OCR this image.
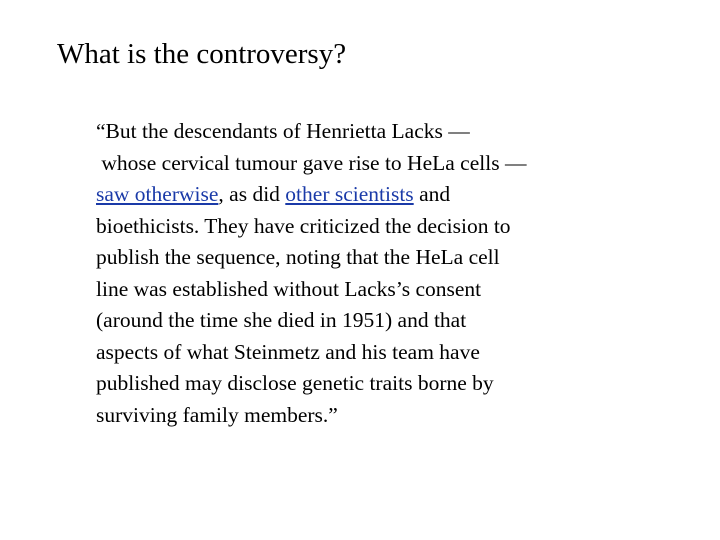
What is the controversy?
“But the descendants of Henrietta Lacks —
whose cervical tumour gave rise to HeLa cells —
saw otherwise, as did other scientists and
bioethicists. They have criticized the decision to
publish the sequence, noting that the HeLa cell
line was established without Lacks’s consent
(around the time she died in 1951) and that
aspects of what Steinmetz and his team have
published may disclose genetic traits borne by
surviving family members.”
